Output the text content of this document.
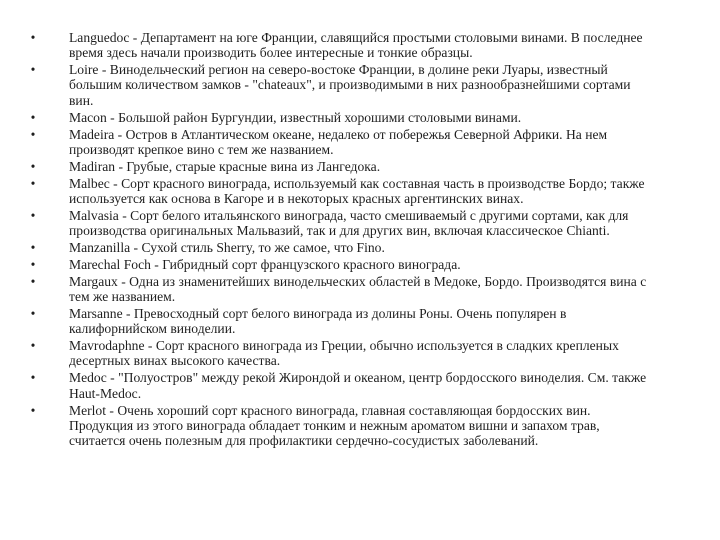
• Languedoc - Департамент на юге Франции, славящийся простыми столовыми винами. В последнее время здесь начали производить более интересные и тонкие образцы.
• Loire - Винодельческий регион на северо-востоке Франции, в долине реки Луары, известный большим количеством замков - "chateaux", и производимыми в них разнообразнейшими сортами вин.
• Macon - Большой район Бургундии, известный хорошими столовыми винами.
• Madeira - Остров в Атлантическом океане, недалеко от побережья Северной Африки. На нем производят крепкое вино с тем же названием.
• Madiran - Грубые, старые красные вина из Лангедока.
• Malbec - Сорт красного винограда, используемый как составная часть в производстве Бордо; также используется как основа в Кагоре и в некоторых красных аргентинских винах.
• Malvasia - Сорт белого итальянского винограда, часто смешиваемый с другими сортами, как для производства оригинальных Мальвазий, так и для других вин, включая классическое Chianti.
• Manzanilla - Сухой стиль Sherry, то же самое, что Fino.
• Marechal Foch - Гибридный сорт французского красного винограда.
• Margaux - Одна из знаменитейших винодельческих областей в Медоке, Бордо. Производятся вина с тем же названием.
• Marsanne - Превосходный сорт белого винограда из долины Роны. Очень популярен в калифорнийском виноделии.
• Mavrodaphne - Сорт красного винограда из Греции, обычно используется в сладких крепленых десертных винах высокого качества.
• Medoc - "Полуостров" между рекой Жирондой и океаном, центр бордосского виноделия. См. также Haut-Medoc.
• Merlot - Очень хороший сорт красного винограда, главная составляющая бордосских вин. Продукция из этого винограда обладает тонким и нежным ароматом вишни и запахом трав, считается очень полезным для профилактики сердечно-сосудистых заболеваний.
